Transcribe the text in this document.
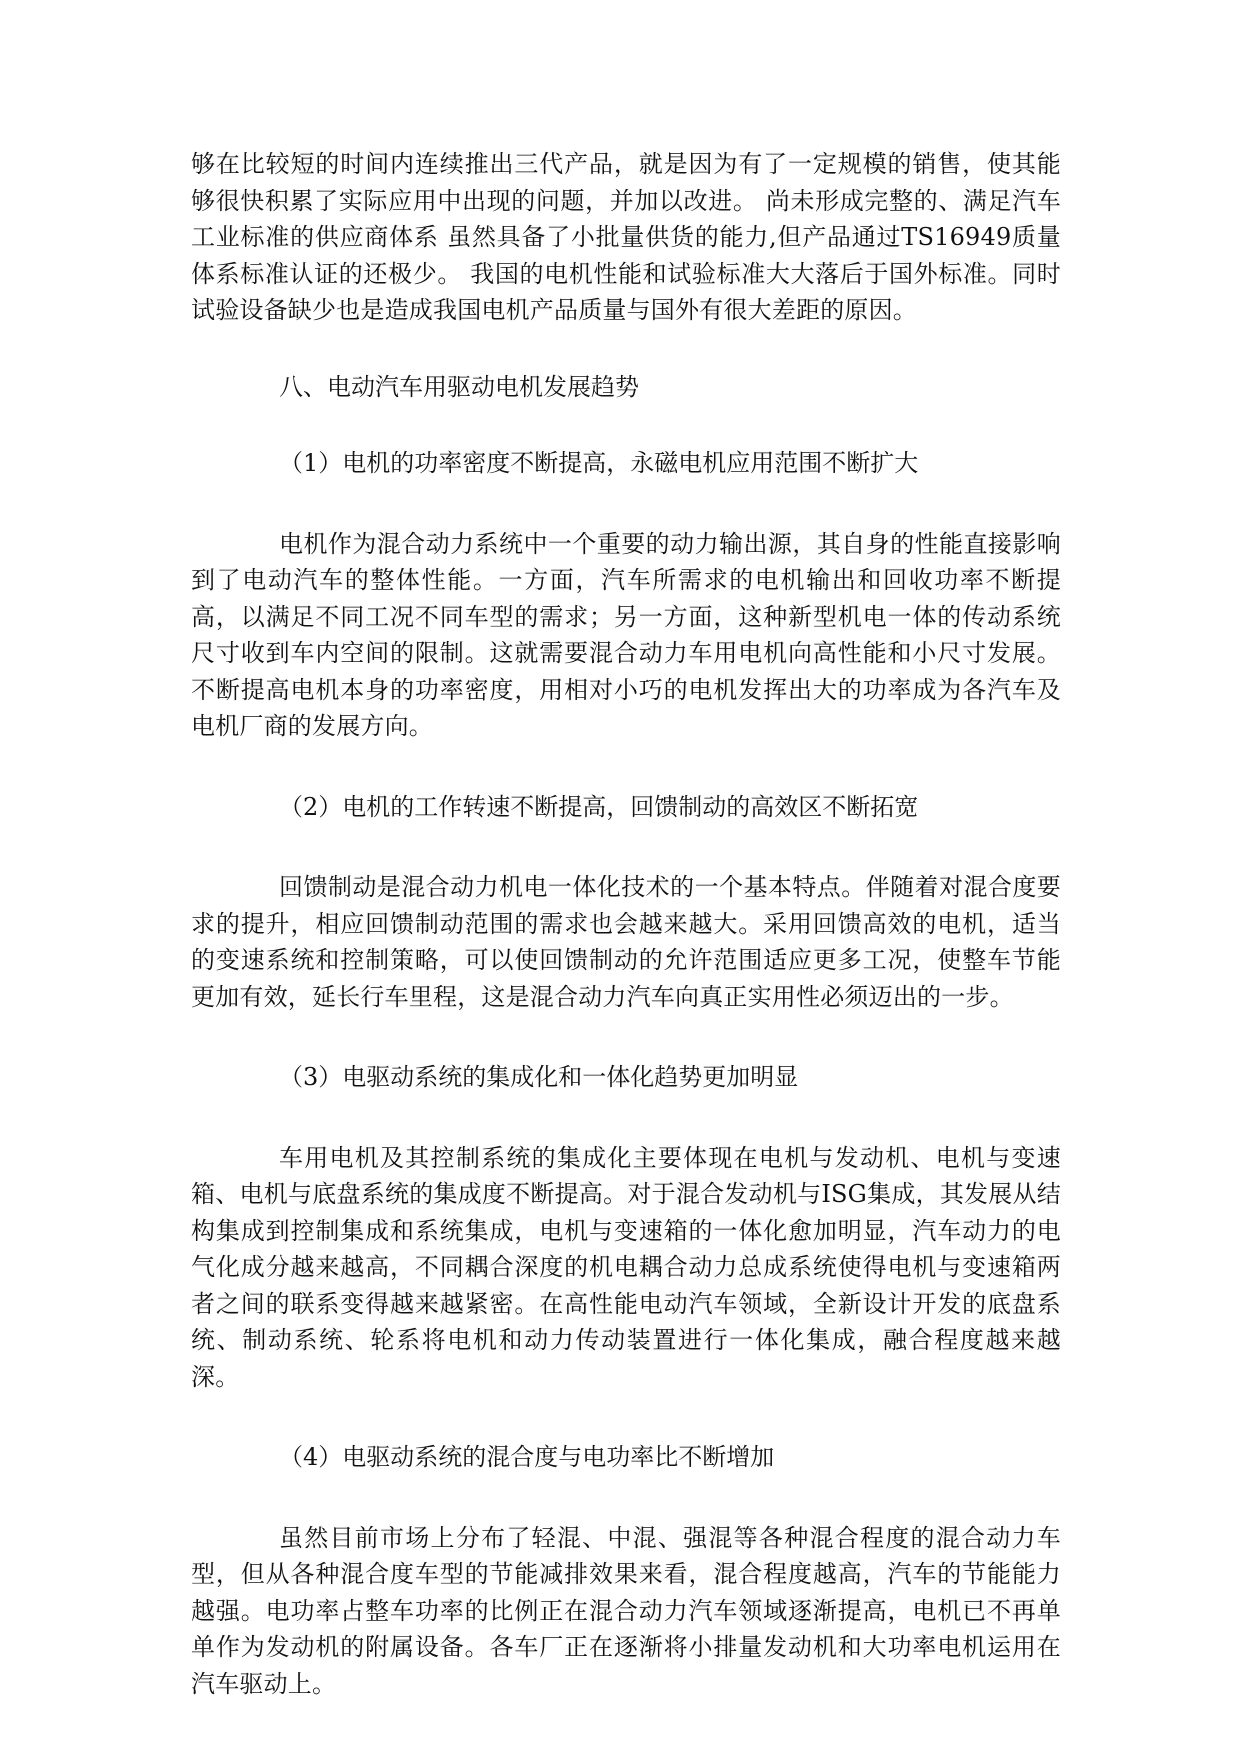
够在比较短的时间内连续推出三代产品，就是因为有了一定规模的销售，使其能够很快积累了实际应用中出现的问题，并加以改进。 尚未形成完整的、满足汽车工业标准的供应商体系 虽然具备了小批量供货的能力,但产品通过TS16949质量体系标准认证的还极少。 我国的电机性能和试验标准大大落后于国外标准。同时试验设备缺少也是造成我国电机产品质量与国外有很大差距的原因。

八、电动汽车用驱动电机发展趋势

（1）电机的功率密度不断提高，永磁电机应用范围不断扩大

电机作为混合动力系统中一个重要的动力输出源，其自身的性能直接影响到了电动汽车的整体性能。一方面，汽车所需求的电机输出和回收功率不断提高，以满足不同工况不同车型的需求；另一方面，这种新型机电一体的传动系统尺寸收到车内空间的限制。这就需要混合动力车用电机向高性能和小尺寸发展。不断提高电机本身的功率密度，用相对小巧的电机发挥出大的功率成为各汽车及电机厂商的发展方向。

（2）电机的工作转速不断提高，回馈制动的高效区不断拓宽

回馈制动是混合动力机电一体化技术的一个基本特点。伴随着对混合度要求的提升，相应回馈制动范围的需求也会越来越大。采用回馈高效的电机，适当的变速系统和控制策略，可以使回馈制动的允许范围适应更多工况，使整车节能更加有效，延长行车里程，这是混合动力汽车向真正实用性必须迈出的一步。

（3）电驱动系统的集成化和一体化趋势更加明显

车用电机及其控制系统的集成化主要体现在电机与发动机、电机与变速箱、电机与底盘系统的集成度不断提高。对于混合发动机与ISG集成，其发展从结构集成到控制集成和系统集成，电机与变速箱的一体化愈加明显，汽车动力的电气化成分越来越高，不同耦合深度的机电耦合动力总成系统使得电机与变速箱两者之间的联系变得越来越紧密。在高性能电动汽车领域，全新设计开发的底盘系统、制动系统、轮系将电机和动力传动装置进行一体化集成，融合程度越来越深。

（4）电驱动系统的混合度与电功率比不断增加

虽然目前市场上分布了轻混、中混、强混等各种混合程度的混合动力车型，但从各种混合度车型的节能减排效果来看，混合程度越高，汽车的节能能力越强。电功率占整车功率的比例正在混合动力汽车领域逐渐提高，电机已不再单单作为发动机的附属设备。各车厂正在逐渐将小排量发动机和大功率电机运用在汽车驱动上。
